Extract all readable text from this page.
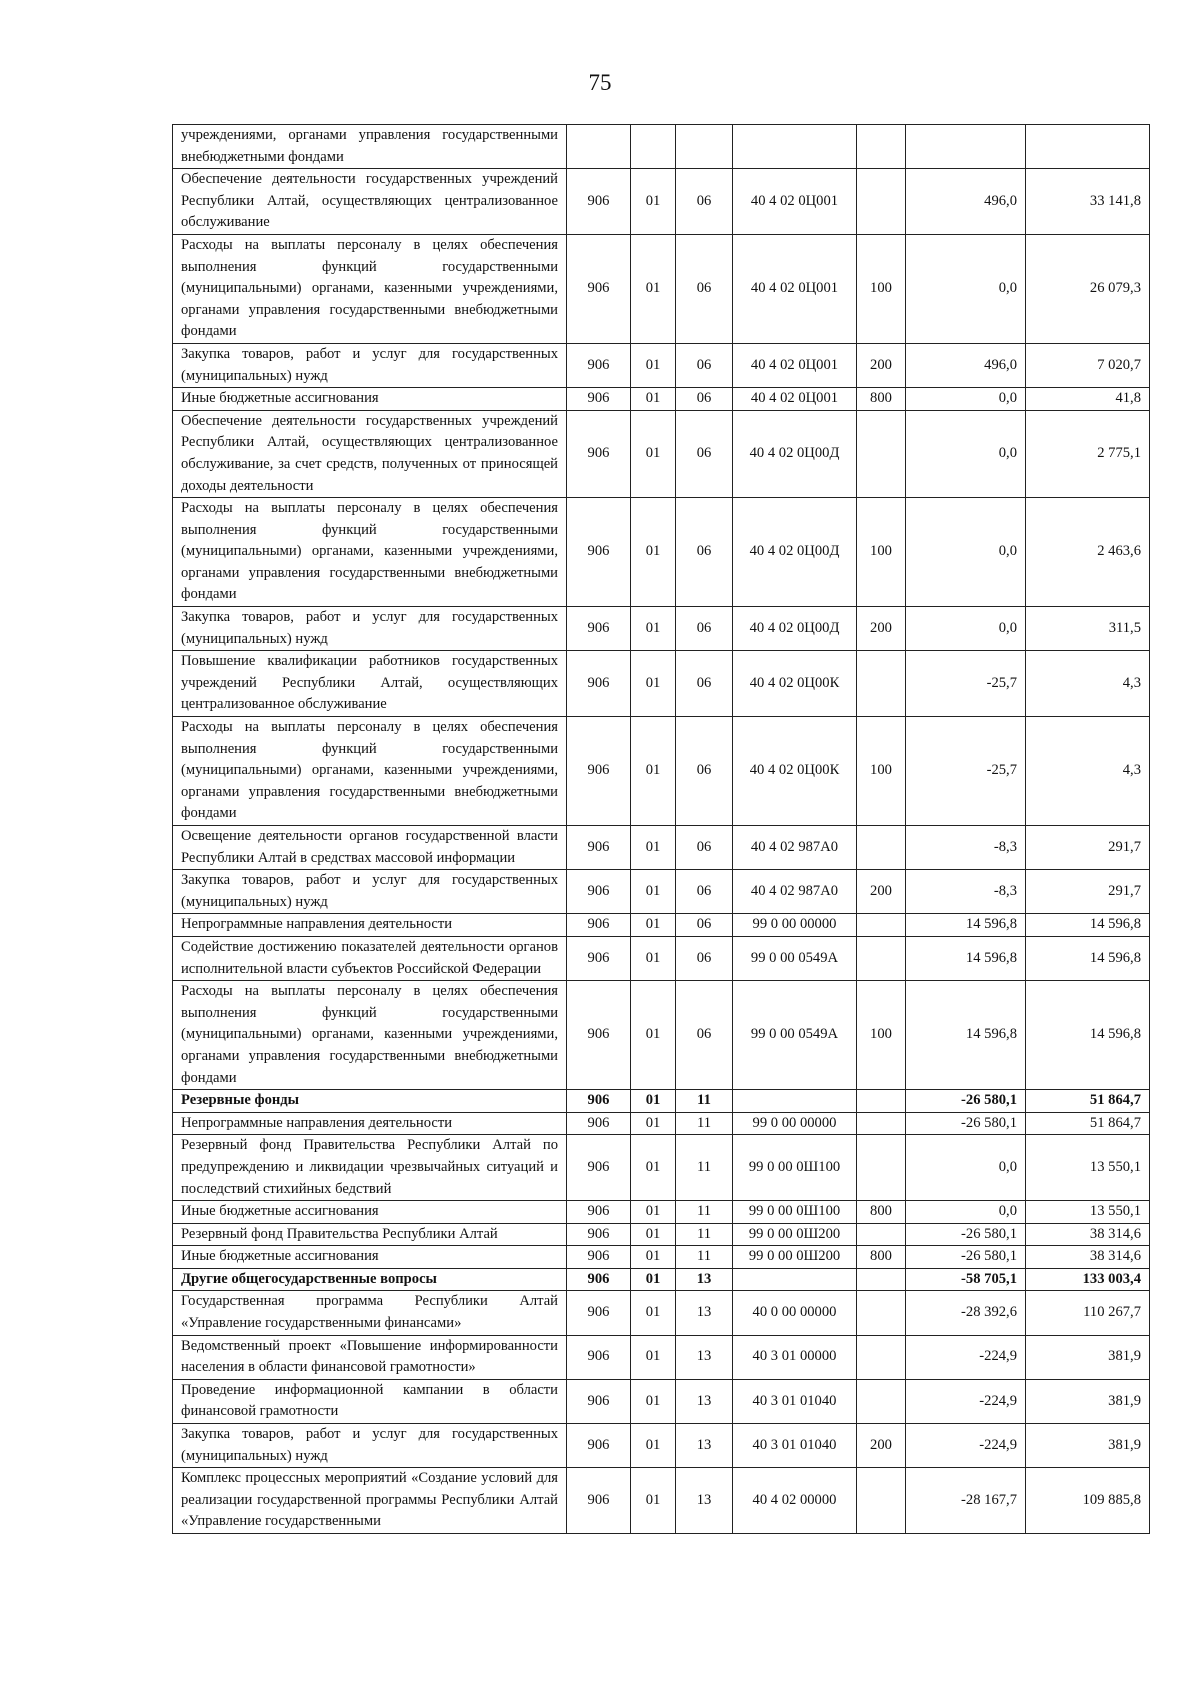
75
учреждениями, органами управления государственными внебюджетными фондами							
Обеспечение деятельности государственных учреждений Республики Алтай, осуществляющих централизованное обслуживание	906	01	06	40 4 02 0Ц001		496,0	33 141,8
Расходы на выплаты персоналу в целях обеспечения выполнения функций государственными (муниципальными) органами, казенными учреждениями, органами управления государственными внебюджетными фондами	906	01	06	40 4 02 0Ц001	100	0,0	26 079,3
Закупка товаров, работ и услуг для государственных (муниципальных) нужд	906	01	06	40 4 02 0Ц001	200	496,0	7 020,7
Иные бюджетные ассигнования	906	01	06	40 4 02 0Ц001	800	0,0	41,8
Обеспечение деятельности государственных учреждений Республики Алтай, осуществляющих централизованное обслуживание, за счет средств, полученных от приносящей доходы деятельности	906	01	06	40 4 02 0Ц00Д		0,0	2 775,1
Расходы на выплаты персоналу в целях обеспечения выполнения функций государственными (муниципальными) органами, казенными учреждениями, органами управления государственными внебюджетными фондами	906	01	06	40 4 02 0Ц00Д	100	0,0	2 463,6
Закупка товаров, работ и услуг для государственных (муниципальных) нужд	906	01	06	40 4 02 0Ц00Д	200	0,0	311,5
Повышение квалификации работников государственных учреждений Республики Алтай, осуществляющих централизованное обслуживание	906	01	06	40 4 02 0Ц00К		-25,7	4,3
Расходы на выплаты персоналу в целях обеспечения выполнения функций государственными (муниципальными) органами, казенными учреждениями, органами управления государственными внебюджетными фондами	906	01	06	40 4 02 0Ц00К	100	-25,7	4,3
Освещение деятельности органов государственной власти Республики Алтай в средствах массовой информации	906	01	06	40 4 02 987А0		-8,3	291,7
Закупка товаров, работ и услуг для государственных (муниципальных) нужд	906	01	06	40 4 02 987А0	200	-8,3	291,7
Непрограммные направления деятельности	906	01	06	99 0 00 00000		14 596,8	14 596,8
Содействие достижению показателей деятельности органов исполнительной власти субъектов Российской Федерации	906	01	06	99 0 00 0549А		14 596,8	14 596,8
Расходы на выплаты персоналу в целях обеспечения выполнения функций государственными (муниципальными) органами, казенными учреждениями, органами управления государственными внебюджетными фондами	906	01	06	99 0 00 0549А	100	14 596,8	14 596,8
Резервные фонды	906	01	11			-26 580,1	51 864,7
Непрограммные направления деятельности	906	01	11	99 0 00 00000		-26 580,1	51 864,7
Резервный фонд Правительства Республики Алтай по предупреждению и ликвидации чрезвычайных ситуаций и последствий стихийных бедствий	906	01	11	99 0 00 0Ш100		0,0	13 550,1
Иные бюджетные ассигнования	906	01	11	99 0 00 0Ш100	800	0,0	13 550,1
Резервный фонд Правительства Республики Алтай	906	01	11	99 0 00 0Ш200		-26 580,1	38 314,6
Иные бюджетные ассигнования	906	01	11	99 0 00 0Ш200	800	-26 580,1	38 314,6
Другие общегосударственные вопросы	906	01	13			-58 705,1	133 003,4
Государственная программа Республики Алтай «Управление государственными финансами»	906	01	13	40 0 00 00000		-28 392,6	110 267,7
Ведомственный проект «Повышение информированности населения в области финансовой грамотности»	906	01	13	40 3 01 00000		-224,9	381,9
Проведение информационной кампании в области финансовой грамотности	906	01	13	40 3 01 01040		-224,9	381,9
Закупка товаров, работ и услуг для государственных (муниципальных) нужд	906	01	13	40 3 01 01040	200	-224,9	381,9
Комплекс процессных мероприятий «Создание условий для реализации государственной программы Республики Алтай «Управление государственными	906	01	13	40 4 02 00000		-28 167,7	109 885,8
